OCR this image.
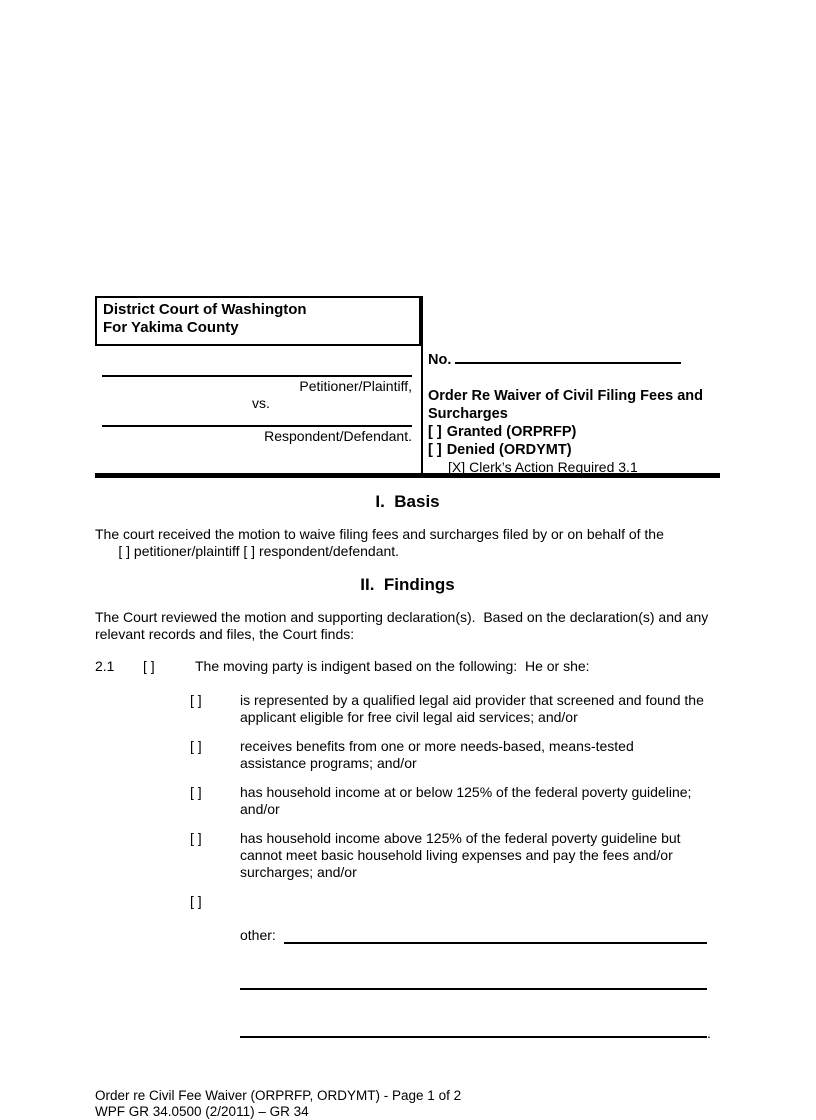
District Court of Washington
For Yakima County
Petitioner/Plaintiff,
vs.
Respondent/Defendant.
No.
Order Re Waiver of Civil Filing Fees and Surcharges
[ ] Granted (ORPRFP)
[ ] Denied (ORDYMT)
[X] Clerk’s Action Required 3.1
I.  Basis
The court received the motion to waive filing fees and surcharges filed by or on behalf of the
[ ] petitioner/plaintiff [ ] respondent/defendant.
II.  Findings
The Court reviewed the motion and supporting declaration(s).  Based on the declaration(s) and any relevant records and files, the Court finds:
2.1	[ ]	The moving party is indigent based on the following:  He or she:
[ ]	is represented by a qualified legal aid provider that screened and found the applicant eligible for free civil legal aid services; and/or
[ ]	receives benefits from one or more needs-based, means-tested assistance programs; and/or
[ ]	has household income at or below 125% of the federal poverty guideline; and/or
[ ]	has household income above 125% of the federal poverty guideline but cannot meet basic household living expenses and pay the fees and/or surcharges; and/or
[ ]

other:

.

Order re Civil Fee Waiver (ORPRFP, ORDYMT) - Page 1 of 2
WPF GR 34.0500 (2/2011) – GR 34
